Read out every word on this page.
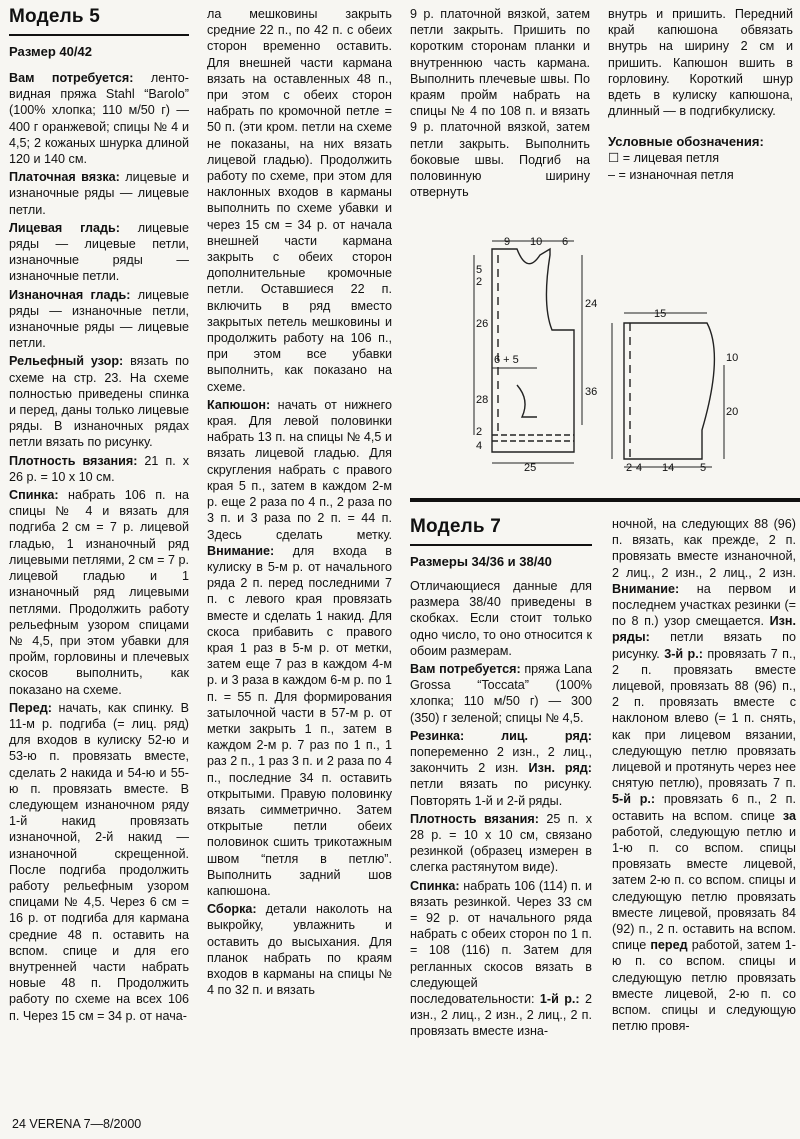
Модель 5
Размер 40/42

Вам потребуется: ленто-видная пряжа Stahl “Barolo” (100% хлопка; 110 м/50 г) — 400 г оранжевой; спицы № 4 и 4,5; 2 кожаных шнурка длиной 120 и 140 см.

Платочная вязка: лицевые и изнаночные ряды — лицевые петли.

Лицевая гладь: лицевые ряды — лицевые петли, изнаночные ряды — изнаночные петли.

Изнаночная гладь: лицевые ряды — изнаночные петли, изнаночные ряды — лицевые петли.

Рельефный узор: вязать по схеме на стр. 23. На схеме полностью приведены спинка и перед, даны только лицевые ряды. В изнаночных рядах петли вязать по рисунку.

Плотность вязания: 21 п. х 26 р. = 10 х 10 см.

Спинка: набрать 106 п. на спицы № 4 и вязать для подгиба 2 см = 7 р. лицевой гладью, 1 изнаночный ряд лицевыми петлями, 2 см = 7 р. лицевой гладью и 1 изнаночный ряд лицевыми петлями. Продолжить работу рельефным узором спицами № 4,5, при этом убавки для пройм, горловины и плечевых скосов выполнить, как показано на схеме.

Перед: начать, как спинку. В 11-м р. подгиба (= лиц. ряд) для входов в кулиску 52-ю и 53-ю п. провязать вместе, сделать 2 накида и 54-ю и 55-ю п. провязать вместе. В следующем изнаночном ряду 1-й накид провязать изнаночной, 2-й накид — изнаночной скрещенной. После подгиба продолжить работу рельефным узором спицами № 4,5. Через 6 см = 16 р. от подгиба для кармана средние 48 п. оставить на вспом. спице и для его внутренней части набрать новые 48 п. Продолжить работу по схеме на всех 106 п. Через 15 см = 34 р. от нача-

ла мешковины закрыть средние 22 п., по 42 п. с обеих сторон временно оставить. Для внешней части кармана вязать на оставленных 48 п., при этом с обеих сторон набрать по кромочной петле = 50 п. (эти кром. петли на схеме не показаны, на них вязать лицевой гладью). Продолжить работу по схеме, при этом для наклонных входов в карманы выполнить по схеме убавки и через 15 см = 34 р. от начала внешней части кармана закрыть с обеих сторон дополнительные кромочные петли. Оставшиеся 22 п. включить в ряд вместо закрытых петель мешковины и продолжить работу на 106 п., при этом все убавки выполнить, как показано на схеме.

Капюшон: начать от нижнего края. Для левой половинки набрать 13 п. на спицы № 4,5 и вязать лицевой гладью. Для скругления набрать с правого края 5 п., затем в каждом 2-м р. еще 2 раза по 4 п., 2 раза по 3 п. и 3 раза по 2 п. = 44 п. Здесь сделать метку. Внимание: для входа в кулиску в 5-м р. от начального ряда 2 п. перед последними 7 п. с левого края провязать вместе и сделать 1 накид. Для скоса прибавить с правого края 1 раз в 5-м р. от метки, затем еще 7 раз в каждом 4-м р. и 3 раза в каждом 6-м р. по 1 п. = 55 п. Для формирования затылочной части в 57-м р. от метки закрыть 1 п., затем в каждом 2-м р. 7 раз по 1 п., 1 раз 2 п., 1 раз 3 п. и 2 раза по 4 п., последние 34 п. оставить открытыми. Правую половинку вязать симметрично. Затем открытые петли обеих половинок сшить трикотажным швом “петля в петлю”. Выполнить задний шов капюшона.

Сборка: детали наколоть на выкройку, увлажнить и оставить до высыхания. Для планок набрать по краям входов в карманы на спицы № 4 по 32 п. и вязать

9 р. платочной вязкой, затем петли закрыть. Пришить по коротким сторонам планки и внутреннюю часть кармана. Выполнить плечевые швы. По краям пройм набрать на спицы № 4 по 108 п. и вязать 9 р. платочной вязкой, затем петли закрыть. Выполнить боковые швы. Подгиб на половинную ширину отвернуть

внутрь и пришить. Передний край капюшона обвязать внутрь на ширину 2 см и пришить. Капюшон вшить в горловину. Короткий шнур вдеть в кулиску капюшона, длинный — в подгибкулиску.

Условные обозначения:
☐ = лицевая петля
– = изнаночная петля
9 10 6
5
2
26
24
6 + 5
28
2
36
4
25
15
10
20
2 4 14 5
Модель 7
Размеры 34/36 и 38/40

Отличающиеся данные для размера 38/40 приведены в скобках. Если стоит только одно число, то оно относится к обоим размерам.

Вам потребуется: пряжа Lana Grossa “Toccata” (100% хлопка; 110 м/50 г) — 300 (350) г зеленой; спицы № 4,5.

Резинка: лиц. ряд: попеременно 2 изн., 2 лиц., закончить 2 изн. Изн. ряд: петли вязать по рисунку. Повторять 1-й и 2-й ряды.

Плотность вязания: 25 п. х 28 р. = 10 х 10 см, связано резинкой (образец измерен в слегка растянутом виде).

Спинка: набрать 106 (114) п. и вязать резинкой. Через 33 см = 92 р. от начального ряда набрать с обеих сторон по 1 п. = 108 (116) п. Затем для регланных скосов вязать в следующей последовательности: 1-й р.: 2 изн., 2 лиц., 2 изн., 2 лиц., 2 п. провязать вместе изна-

ночной, на следующих 88 (96) п. вязать, как прежде, 2 п. провязать вместе изнаночной, 2 лиц., 2 изн., 2 лиц., 2 изн. Внимание: на первом и последнем участках резинки (= по 8 п.) узор смещается. Изн. ряды: петли вязать по рисунку. 3-й р.: провязать 7 п., 2 п. провязать вместе лицевой, провязать 88 (96) п., 2 п. провязать вместе с наклоном влево (= 1 п. снять, как при лицевом вязании, следующую петлю провязать лицевой и протянуть через нее снятую петлю), провязать 7 п. 5-й р.: провязать 6 п., 2 п. оставить на вспом. спице за работой, следующую петлю и 1-ю п. со вспом. спицы провязать вместе лицевой, затем 2-ю п. со вспом. спицы и следующую петлю провязать вместе лицевой, провязать 84 (92) п., 2 п. оставить на вспом. спице перед работой, затем 1-ю п. со вспом. спицы и следующую петлю провязать вместе лицевой, 2-ю п. со вспом. спицы и следующую петлю провя-

24 VERENA 7—8/2000
